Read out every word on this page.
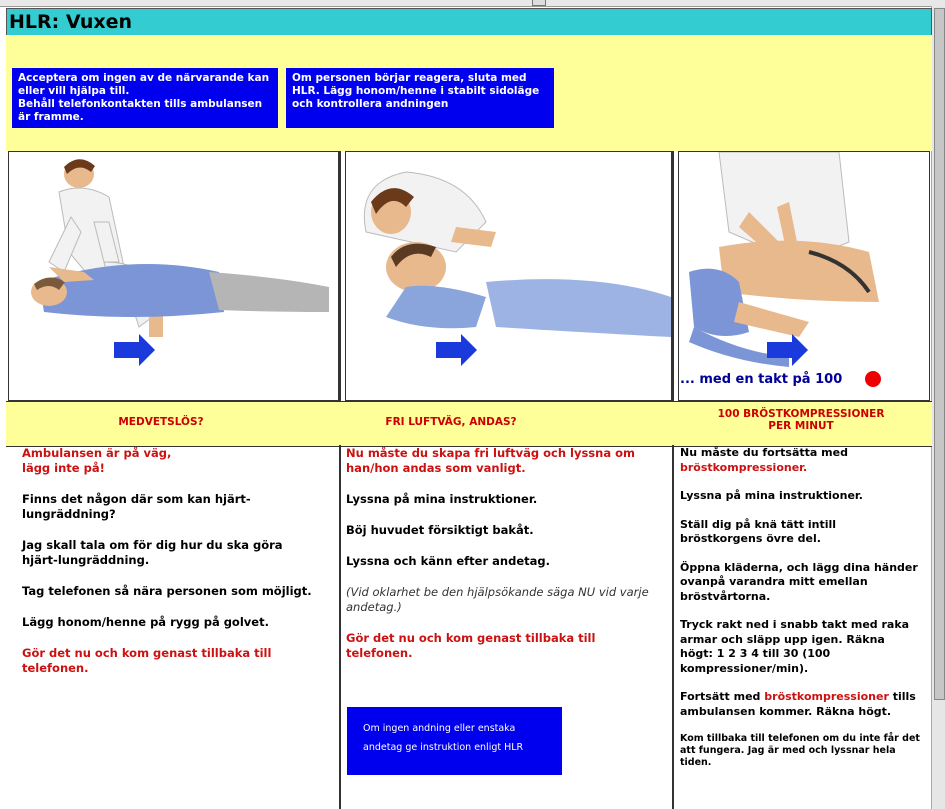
HLR: Vuxen
Acceptera om ingen av de närvarande kan eller vill hjälpa till.
Behåll telefonkontakten tills ambulansen är framme.
Om personen börjar reagera, sluta med HLR. Lägg honom/henne i stabilt sidoläge och kontrollera andningen
... med en takt på 100
MEDVETSLÖS?	FRI LUFTVÄG, ANDAS?
100 BRÖSTKOMPRESSIONER
PER MINUT

Ambulansen är på väg,
lägg inte på!

Finns det någon där som kan hjärt-lungräddning?

Jag skall tala om för dig hur du ska göra hjärt-lungräddning.

Tag telefonen så nära personen som möjligt.

Lägg honom/henne på rygg på golvet.

Gör det nu och kom genast tillbaka till telefonen.

Nu måste du skapa fri luftväg och lyssna om han/hon andas som vanligt.

Lyssna på mina instruktioner.

Böj huvudet försiktigt bakåt.

Lyssna och känn efter andetag.

(Vid oklarhet be den hjälpsökande säga NU vid varje andetag.)

Gör det nu och kom genast tillbaka till telefonen.

Om ingen andning eller enstaka andetag ge instruktion enligt HLR

Nu måste du fortsätta med bröstkompressioner.

Lyssna på mina instruktioner.

Ställ dig på knä tätt intill bröstkorgens övre del.

Öppna kläderna, och lägg dina händer ovanpå varandra mitt emellan bröstvårtorna.

Tryck rakt ned i snabb takt med raka armar och släpp upp igen. Räkna högt: 1 2 3 4 till 30 (100 kompressioner/min).

Fortsätt med bröstkompressioner tills ambulansen kommer. Räkna högt.

Kom tillbaka till telefonen om du inte får det att fungera. Jag är med och lyssnar hela tiden.
